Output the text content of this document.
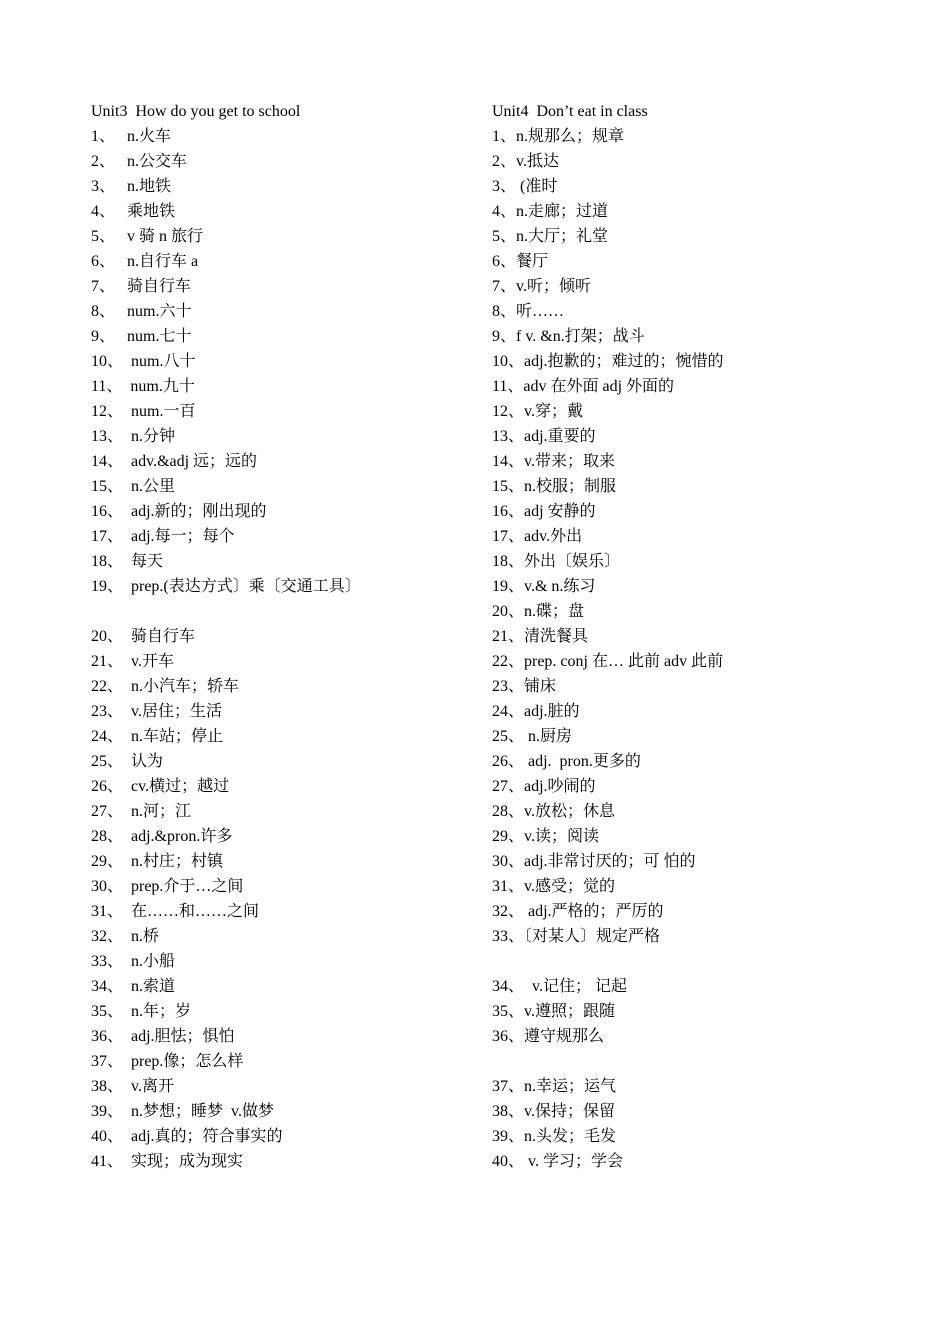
Unit3  How do you get to school
1、   n.火车
2、   n.公交车
3、   n.地铁
4、   乘地铁
5、   v 骑 n 旅行
6、   n.自行车 a
7、   骑自行车
8、   num.六十
9、   num.七十
10、  num.八十
11、  num.九十
12、  num.一百
13、  n.分钟
14、  adv.&adj 远；远的
15、  n.公里
16、  adj.新的；刚出现的
17、  adj.每一；每个
18、  每天
19、  prep.(表达方式〕乘〔交通工具〕
20、  骑自行车
21、  v.开车
22、  n.小汽车；轿车
23、  v.居住；生活
24、  n.车站；停止
25、  认为
26、  cv.横过；越过
27、  n.河；江
28、  adj.&pron.许多
29、  n.村庄；村镇
30、  prep.介于…之间
31、  在……和……之间
32、  n.桥
33、  n.小船
34、  n.索道
35、  n.年；岁
36、  adj.胆怯；惧怕
37、  prep.像；怎么样
38、  v.离开
39、  n.梦想；睡梦  v.做梦
40、  adj.真的；符合事实的
41、  实现；成为现实
Unit4  Don’t eat in class
1、n.规那么；规章
2、v.抵达
3、 (准时
4、n.走廊；过道
5、n.大厅；礼堂
6、餐厅
7、v.听；倾听
8、听……
9、f v. &n.打架；战斗
10、adj.抱歉的；难过的；惋惜的
11、adv 在外面 adj 外面的
12、v.穿；戴
13、adj.重要的
14、v.带来；取来
15、n.校服；制服
16、adj 安静的
17、adv.外出
18、外出〔娱乐〕
19、v.& n.练习
20、n.碟；盘
21、清洗餐具
22、prep. conj 在… 此前 adv 此前
23、铺床
24、adj.脏的
25、 n.厨房
26、 adj.  pron.更多的
27、adj.吵闹的
28、v.放松；休息
29、v.读；阅读
30、adj.非常讨厌的；可 怕的
31、v.感受；觉的
32、 adj.严格的；严厉的
33、〔对某人〕规定严格
34、  v.记住； 记起
35、v.遵照；跟随
36、遵守规那么
37、n.幸运；运气
38、v.保持；保留
39、n.头发；毛发
40、 v. 学习；学会
